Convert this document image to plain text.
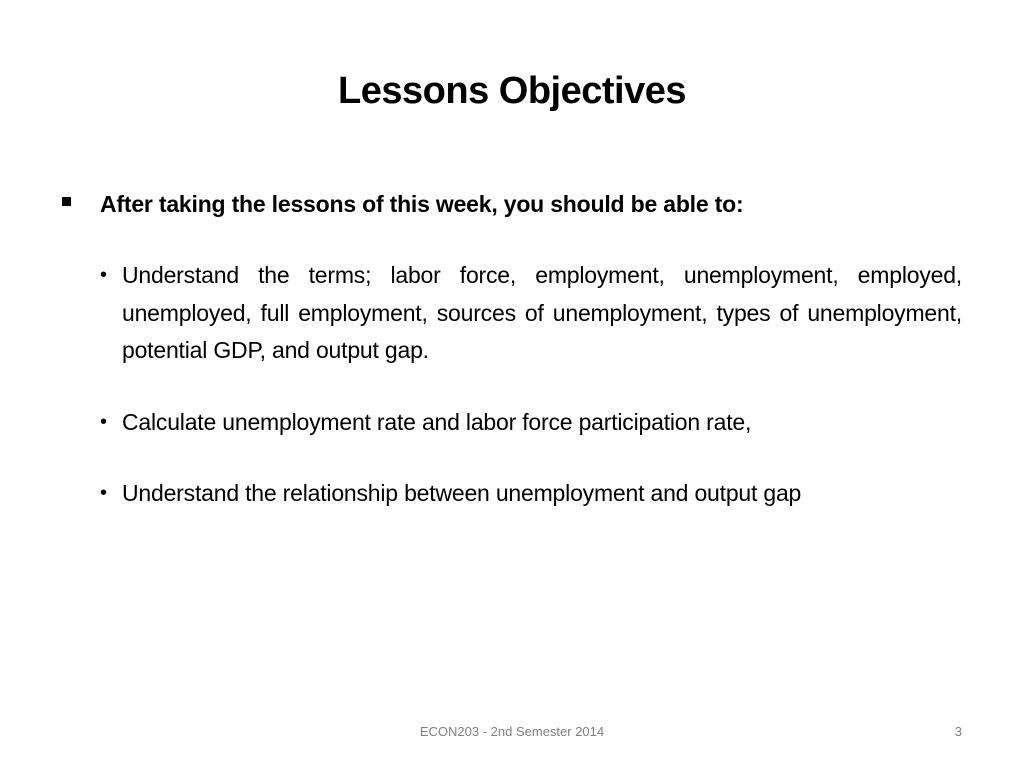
Lessons Objectives
After taking the lessons of this week, you should be able to:
• Understand the terms; labor force, employment, unemployment, employed, unemployed, full employment, sources of unemployment, types of unemployment, potential GDP, and output gap.
• Calculate unemployment rate and labor force participation rate,
• Understand the relationship between unemployment and output gap
ECON203 - 2nd Semester 2014	3
